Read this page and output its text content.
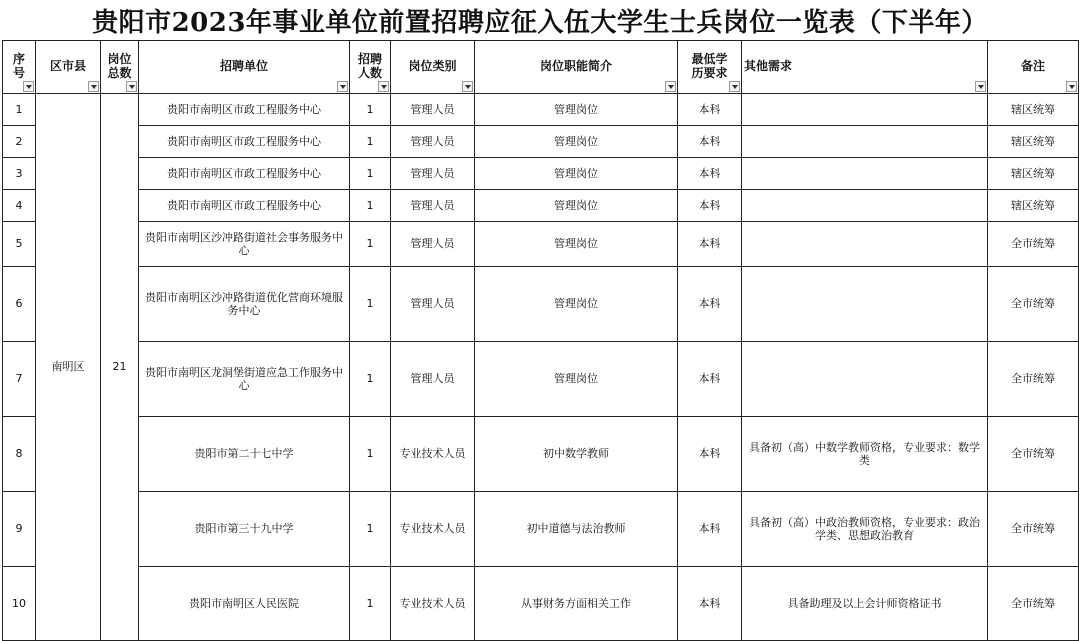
贵阳市2023年事业单位前置招聘应征入伍大学生士兵岗位一览表（下半年）
序号	区市县	岗位总数	招聘单位	招聘人数	岗位类别	岗位职能简介	最低学历要求	其他需求	备注

1	南明区	21	贵阳市南明区市政工程服务中心	1	管理人员	管理岗位	本科		辖区统筹
2			贵阳市南明区市政工程服务中心	1	管理人员	管理岗位	本科		辖区统筹
3			贵阳市南明区市政工程服务中心	1	管理人员	管理岗位	本科		辖区统筹
4			贵阳市南明区市政工程服务中心	1	管理人员	管理岗位	本科		辖区统筹
5			贵阳市南明区沙冲路街道社会事务服务中心	1	管理人员	管理岗位	本科		全市统筹
6			贵阳市南明区沙冲路街道优化营商环境服务中心	1	管理人员	管理岗位	本科		全市统筹
7			贵阳市南明区龙洞堡街道应急工作服务中心	1	管理人员	管理岗位	本科		全市统筹
8			贵阳市第二十七中学	1	专业技术人员	初中数学教师	本科	具备初（高）中数学教师资格，专业要求：数学类	全市统筹
9			贵阳市第三十九中学	1	专业技术人员	初中道德与法治教师	本科	具备初（高）中政治教师资格，专业要求：政治学类、思想政治教育	全市统筹
10			贵阳市南明区人民医院	1	专业技术人员	从事财务方面相关工作	本科	具备助理及以上会计师资格证书	全市统筹
